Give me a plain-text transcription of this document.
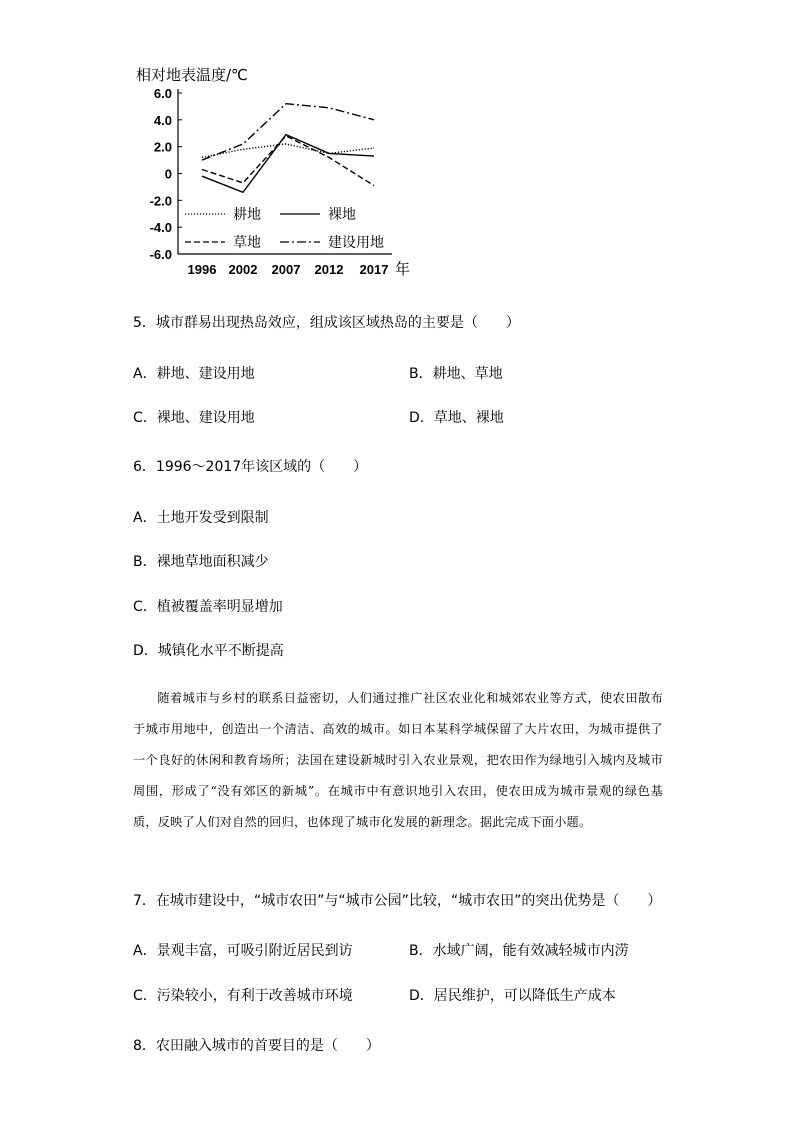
相对地表温度/℃
6.0
4.0
2.0
0
-2.0
-4.0
-6.0
1996 2002 2007 2012 2017 年
耕地	裸地
草地	建设用地
5．城市群易出现热岛效应，组成该区域热岛的主要是（　　）
A．耕地、建设用地	B．耕地、草地
C．裸地、建设用地	D．草地、裸地
6．1996～2017年该区域的（　　）
A．土地开发受到限制
B．裸地草地面积减少
C．植被覆盖率明显增加
D．城镇化水平不断提高
随着城市与乡村的联系日益密切，人们通过推广社区农业化和城郊农业等方式，使农田散布于城市用地中，创造出一个清洁、高效的城市。如日本某科学城保留了大片农田，为城市提供了一个良好的休闲和教育场所；法国在建设新城时引入农业景观，把农田作为绿地引入城内及城市周围，形成了“没有郊区的新城”。在城市中有意识地引入农田，使农田成为城市景观的绿色基质，反映了人们对自然的回归，也体现了城市化发展的新理念。据此完成下面小题。
7．在城市建设中，“城市农田”与“城市公园”比较，“城市农田”的突出优势是（　　）
A．景观丰富，可吸引附近居民到访	B．水域广阔，能有效减轻城市内涝
C．污染较小，有利于改善城市环境	D．居民维护，可以降低生产成本
8．农田融入城市的首要目的是（　　）
